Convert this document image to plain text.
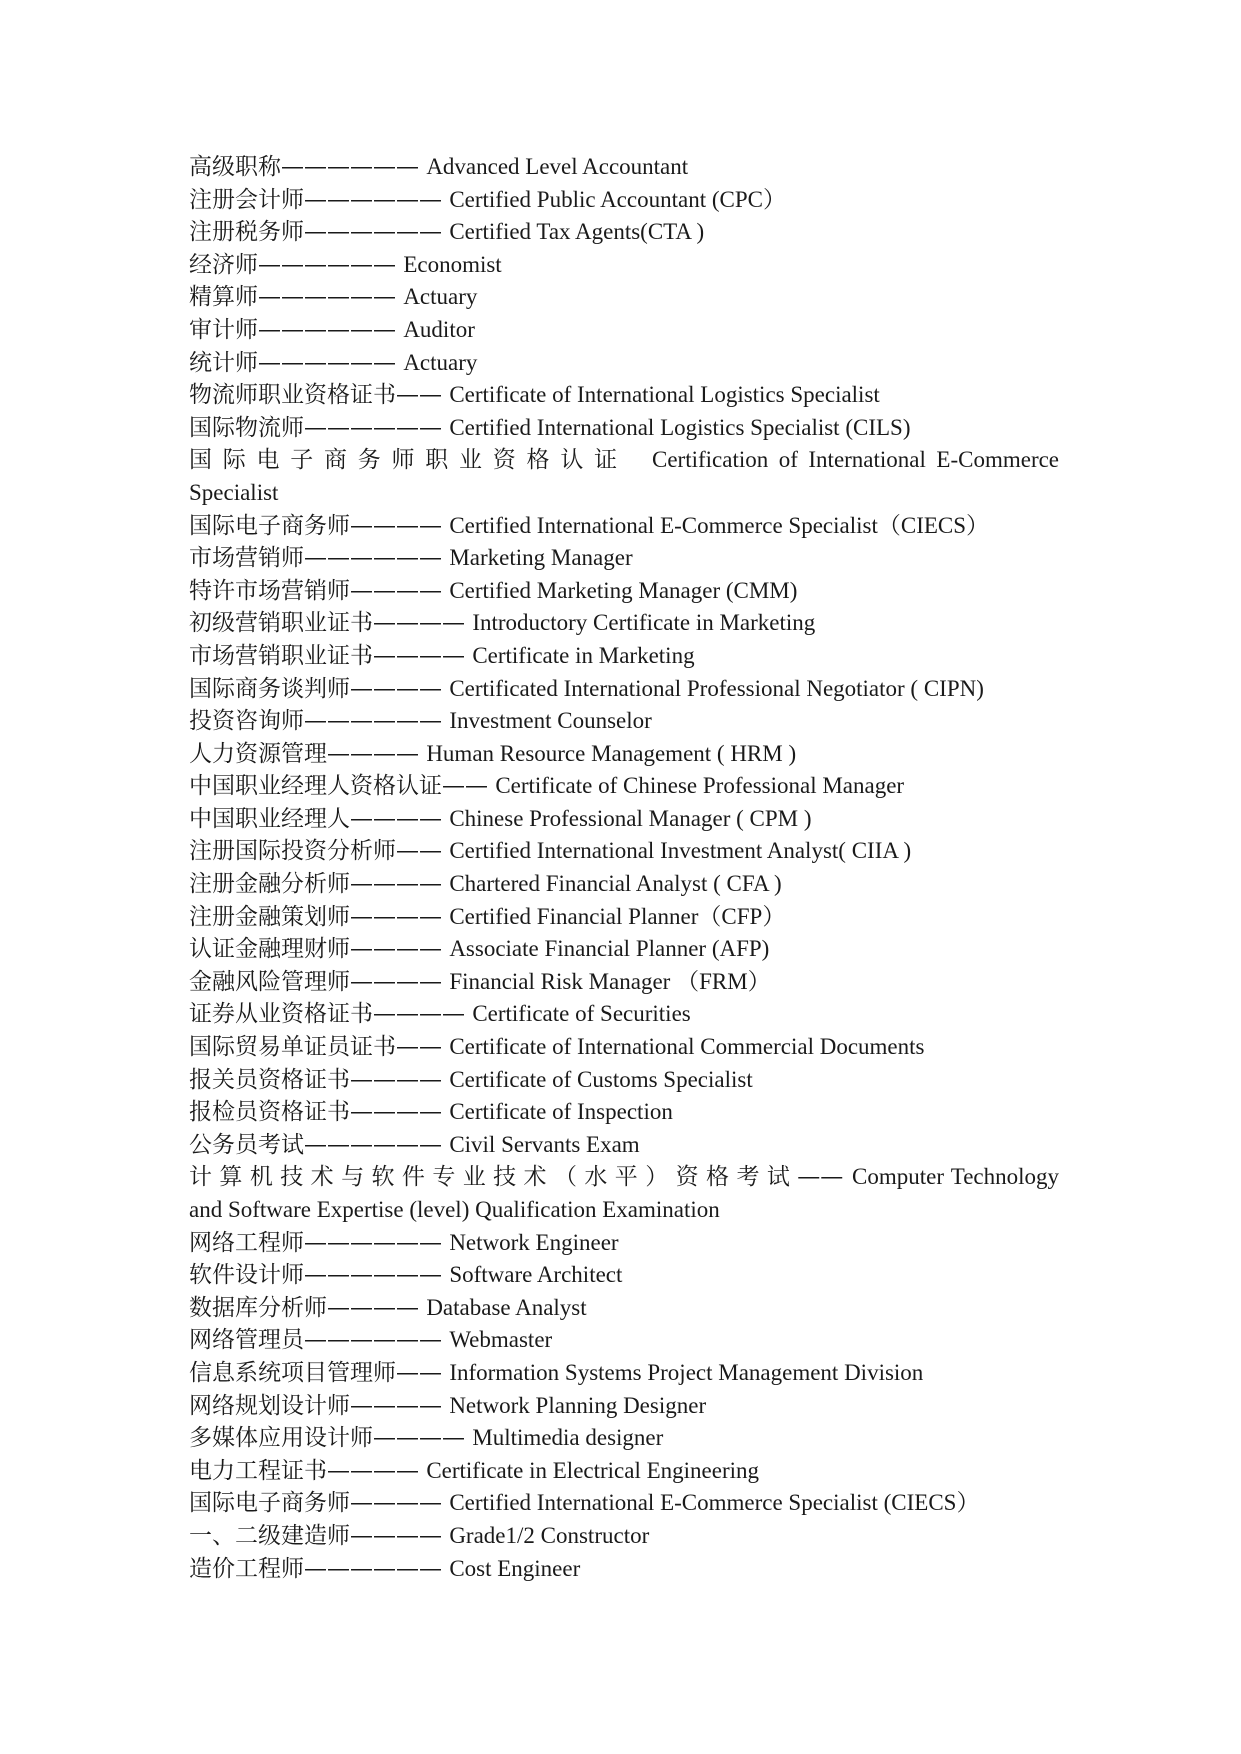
高级职称—————— Advanced Level Accountant
注册会计师—————— Certified Public Accountant (CPC）
注册税务师—————— Certified Tax Agents(CTA )
经济师—————— Economist
精算师—————— Actuary
审计师—————— Auditor
统计师—————— Actuary
物流师职业资格证书—— Certificate of International Logistics Specialist
国际物流师—————— Certified International Logistics Specialist (CILS)
国际电子商务师职业资格认证 Certification of International E-Commerce Specialist
国际电子商务师———— Certified International E-Commerce Specialist（CIECS）
市场营销师—————— Marketing Manager
特许市场营销师———— Certified Marketing Manager (CMM)
初级营销职业证书———— Introductory Certificate in Marketing
市场营销职业证书———— Certificate in Marketing
国际商务谈判师———— Certificated International Professional Negotiator ( CIPN)
投资咨询师—————— Investment Counselor
人力资源管理———— Human Resource Management ( HRM )
中国职业经理人资格认证—— Certificate of Chinese Professional Manager
中国职业经理人———— Chinese Professional Manager ( CPM )
注册国际投资分析师—— Certified International Investment Analyst( CIIA )
注册金融分析师———— Chartered Financial Analyst ( CFA )
注册金融策划师———— Certified Financial Planner（CFP）
认证金融理财师———— Associate Financial Planner (AFP)
金融风险管理师———— Financial Risk Manager （FRM）
证券从业资格证书———— Certificate of Securities
国际贸易单证员证书—— Certificate of International Commercial Documents
报关员资格证书———— Certificate of Customs Specialist
报检员资格证书———— Certificate of Inspection
公务员考试—————— Civil Servants Exam
计算机技术与软件专业技术（水平）资格考试—— Computer Technology and Software Expertise (level) Qualification Examination
网络工程师—————— Network Engineer
软件设计师—————— Software Architect
数据库分析师———— Database Analyst
网络管理员—————— Webmaster
信息系统项目管理师—— Information Systems Project Management Division
网络规划设计师———— Network Planning Designer
多媒体应用设计师———— Multimedia designer
电力工程证书———— Certificate in Electrical Engineering
国际电子商务师———— Certified International E-Commerce Specialist (CIECS）
一、二级建造师———— Grade1/2 Constructor
造价工程师—————— Cost Engineer
